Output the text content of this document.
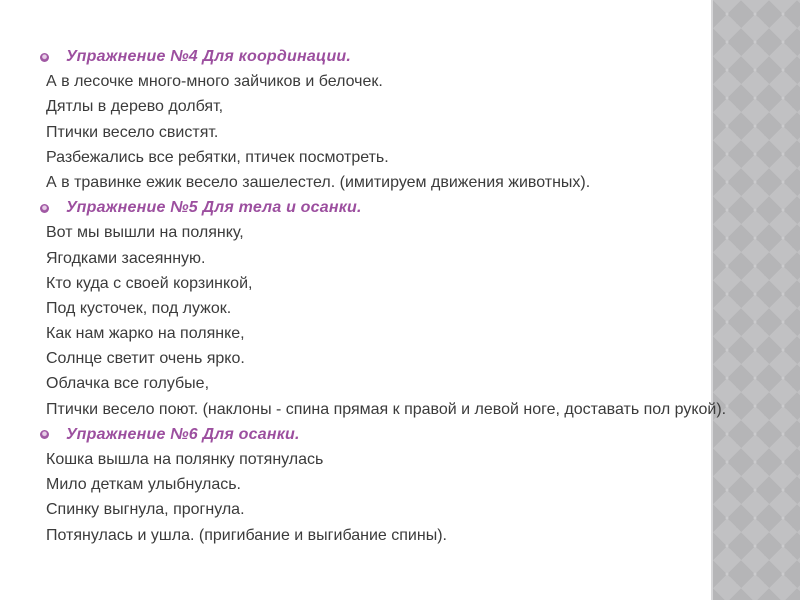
Упражнение №4 Для координации.
А в лесочке много-много зайчиков и белочек.
Дятлы в дерево долбят,
Птички весело свистят.
Разбежались все ребятки, птичек посмотреть.
А в травинке ежик весело зашелестел. (имитируем движения животных).
Упражнение №5 Для тела и осанки.
Вот мы вышли на полянку,
Ягодками засеянную.
Кто куда с своей корзинкой,
Под кусточек, под лужок.
Как нам жарко на полянке,
Солнце светит очень ярко.
Облачка все голубые,
Птички весело поют. (наклоны - спина прямая к правой и левой ноге, доставать пол рукой).
Упражнение №6 Для осанки.
Кошка вышла на полянку потянулась
Мило деткам улыбнулась.
Спинку выгнула, прогнула.
Потянулась и ушла. (пригибание и выгибание спины).
